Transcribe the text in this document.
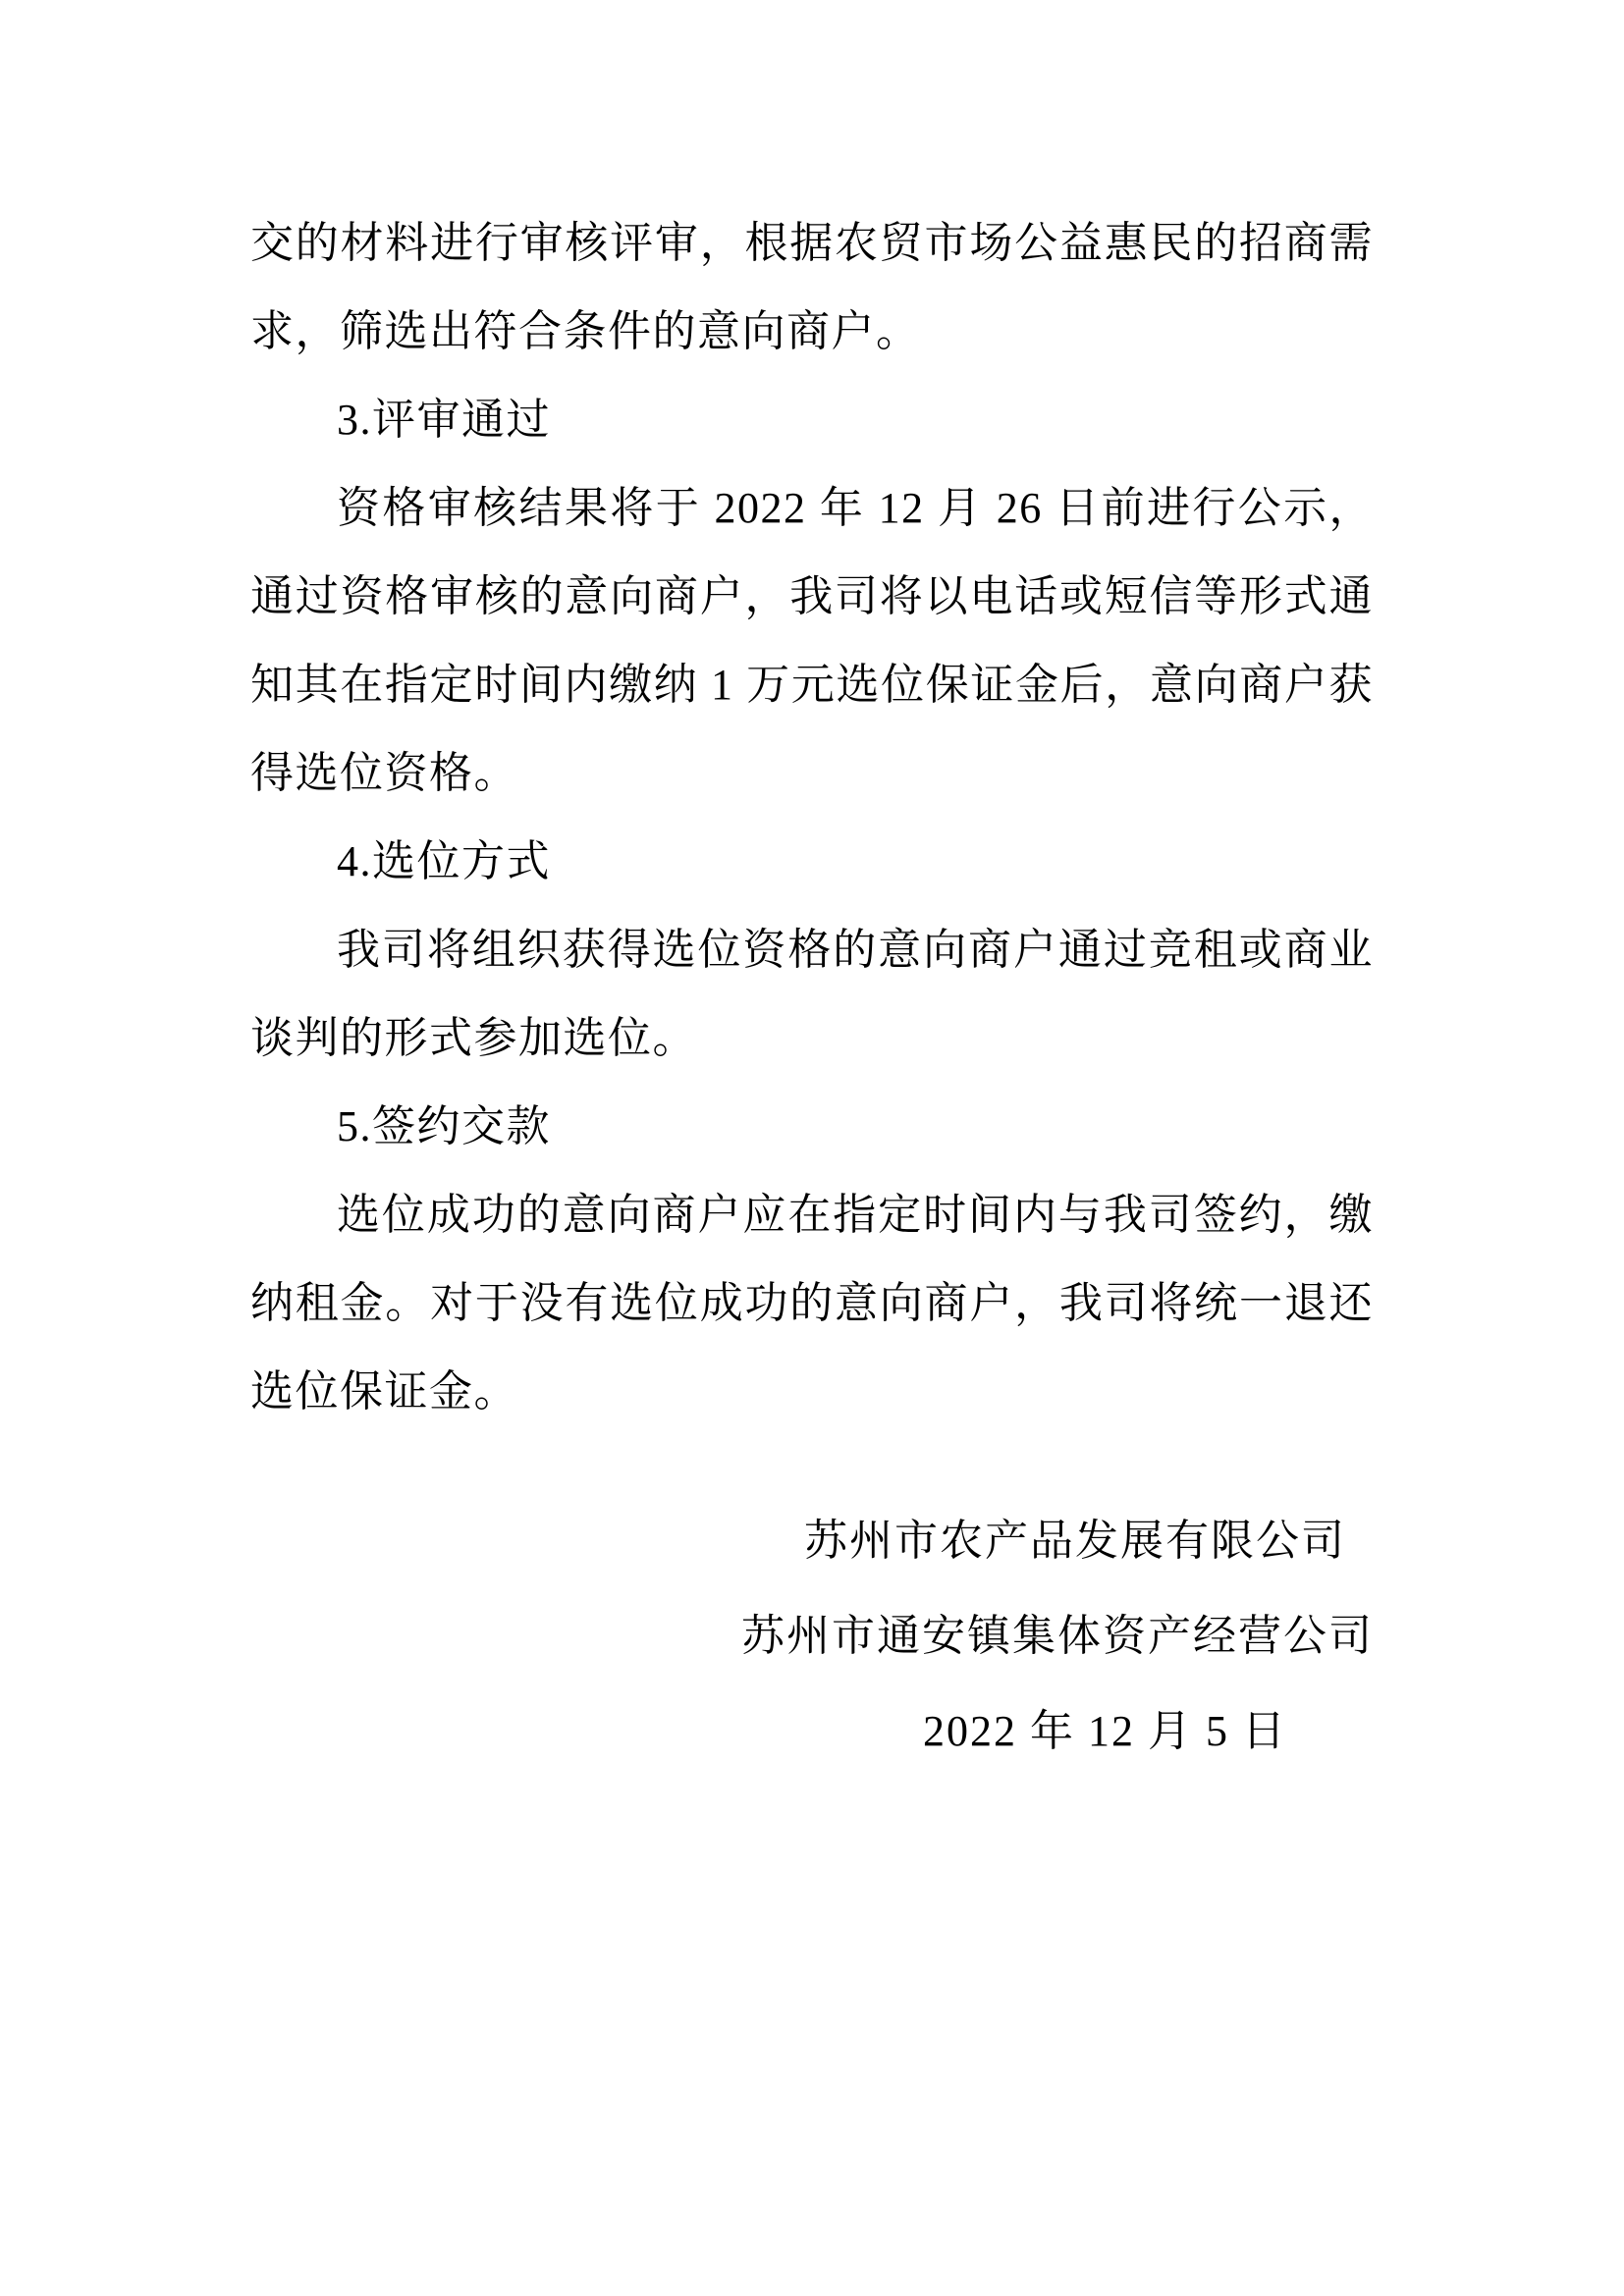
交的材料进行审核评审，根据农贸市场公益惠民的招商需求，筛选出符合条件的意向商户。

3.评审通过

资格审核结果将于 2022 年 12 月 26 日前进行公示，通过资格审核的意向商户，我司将以电话或短信等形式通知其在指定时间内缴纳 1 万元选位保证金后，意向商户获得选位资格。

4.选位方式

我司将组织获得选位资格的意向商户通过竞租或商业谈判的形式参加选位。

5.签约交款

选位成功的意向商户应在指定时间内与我司签约，缴纳租金。对于没有选位成功的意向商户，我司将统一退还选位保证金。

苏州市农产品发展有限公司

苏州市通安镇集体资产经营公司

2022 年 12 月 5 日
